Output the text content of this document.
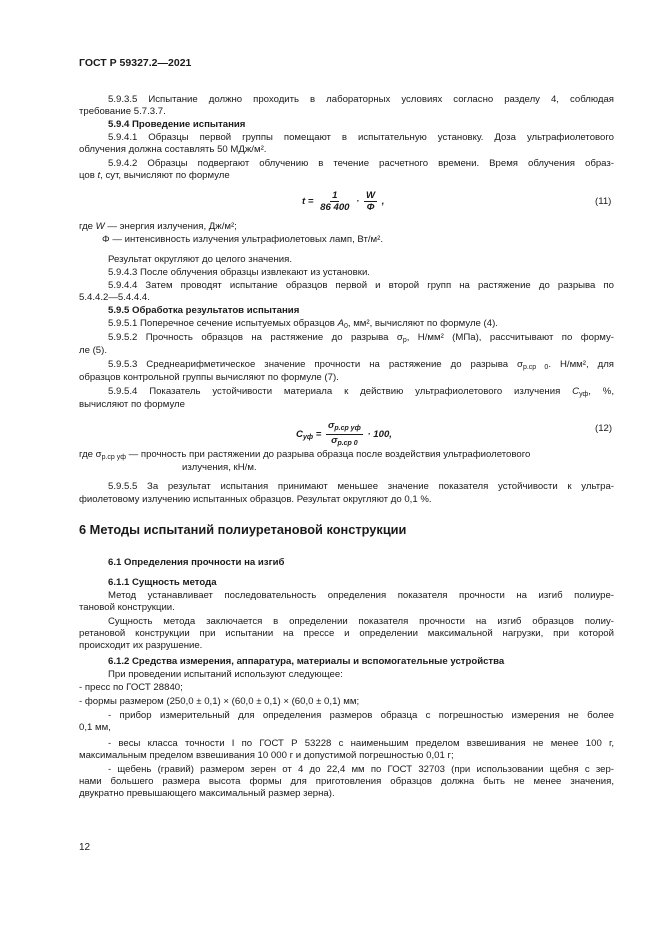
ГОСТ Р 59327.2—2021
5.9.3.5 Испытание должно проходить в лабораторных условиях согласно разделу 4, соблюдая
требование 5.7.3.7.
5.9.4 Проведение испытания
5.9.4.1 Образцы первой группы помещают в испытательную установку. Доза ультрафиолетового
облучения должна составлять 50 МДж/м².
5.9.4.2 Образцы подвергают облучению в течение расчетного времени. Время облучения образ-
цов t, сут, вычисляют по формуле
$t = \frac{1}{86 400} \cdot \frac{W}{\Phi}$ ,	(11)
где W — энергия излучения, Дж/м²;
Φ — интенсивность излучения ультрафиолетовых ламп, Вт/м².
Результат округляют до целого значения.
5.9.4.3 После облучения образцы извлекают из установки.
5.9.4.4 Затем проводят испытание образцов первой и второй групп на растяжение до разрыва по
5.4.4.2—5.4.4.4.
5.9.5 Обработка результатов испытания
5.9.5.1 Поперечное сечение испытуемых образцов $A_0$, мм², вычисляют по формуле (4).
5.9.5.2 Прочность образцов на растяжение до разрыва $\sigma_р$, Н/мм² (МПа), рассчитывают по форму-
ле (5).
5.9.5.3 Среднеарифметическое значение прочности на растяжение до разрыва $\sigma_{р.ср 0}$. Н/мм², для
образцов контрольной группы вычисляют по формуле (7).
5.9.5.4 Показатель устойчивости материала к действию ультрафиолетового излучения $C_{уф}$, %,
вычисляют по формуле
$C_{уф} = \frac{\sigma_{р.ср уф}}{\sigma_{р.ср 0}} \cdot 100$,
(12)
где $\sigma_{р.ср уф}$ — прочность при растяжении до разрыва образца после воздействия ультрафиолетового
излучения, кН/м.
5.9.5.5 За результат испытания принимают меньшее значение показателя устойчивости к ультра-
фиолетовому излучению испытанных образцов. Результат округляют до 0,1 %.
6 Методы испытаний полиуретановой конструкции
6.1 Определения прочности на изгиб
6.1.1 Сущность метода
Метод устанавливает последовательность определения показателя прочности на изгиб полиуре-
тановой конструкции.
Сущность метода заключается в определении показателя прочности на изгиб образцов полиу-
ретановой конструкции при испытании на прессе и определении максимальной нагрузки, при которой
происходит их разрушение.
6.1.2 Средства измерения, аппаратура, материалы и вспомогательные устройства
При проведении испытаний используют следующее:
- пресс по ГОСТ 28840;
- формы размером (250,0 ± 0,1) × (60,0 ± 0,1) × (60,0 ± 0,1) мм;
- прибор измерительный для определения размеров образца с погрешностью измерения не более
0,1 мм,
- весы класса точности I по ГОСТ Р 53228 с наименьшим пределом взвешивания не менее 100 г,
максимальным пределом взвешивания 10 000 г и допустимой погрешностью 0,01 г;
- щебень (гравий) размером зерен от 4 до 22,4 мм по ГОСТ 32703 (при использовании щебня с зер-
нами большего размера высота формы для приготовления образцов должна быть не менее значения,
двукратно превышающего максимальный размер зерна).
12
